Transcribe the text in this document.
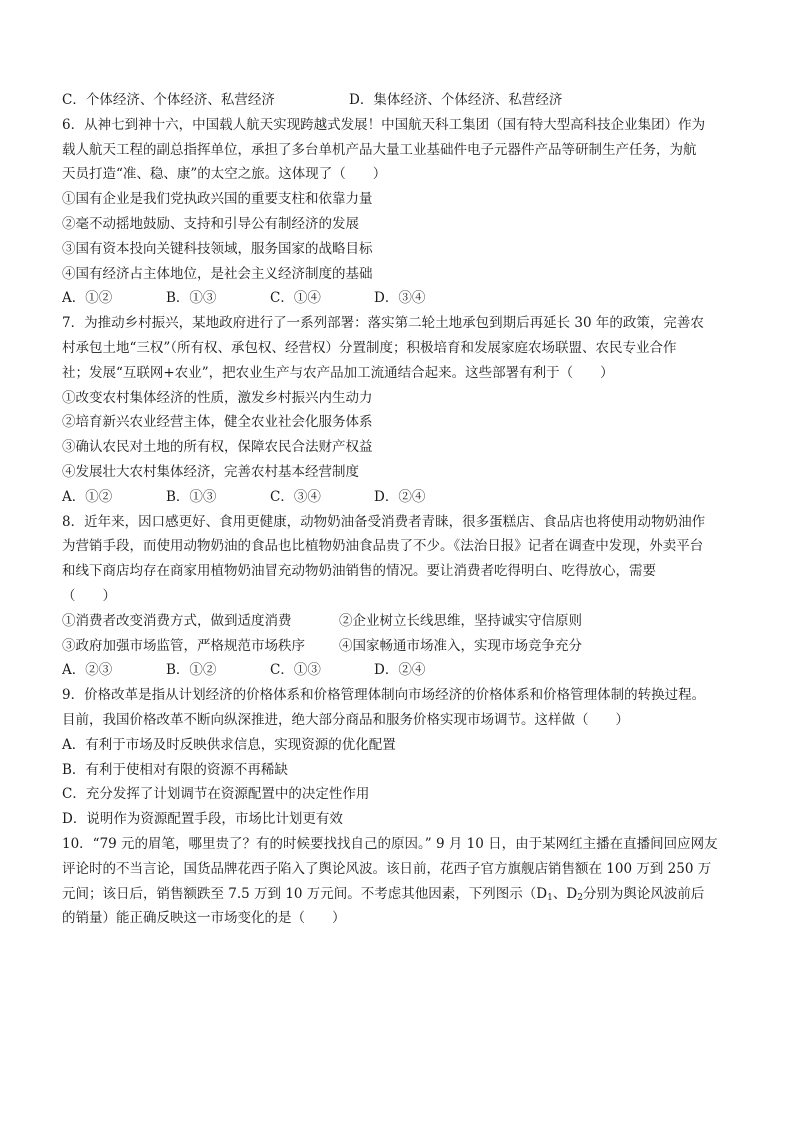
C．个体经济、个体经济、私营经济	D．集体经济、个体经济、私营经济
6．从神七到神十六，中国载人航天实现跨越式发展！中国航天科工集团（国有特大型高科技企业集团）作为
载人航天工程的副总指挥单位，承担了多台单机产品大量工业基础件电子元器件产品等研制生产任务，为航
天员打造“准、稳、康”的太空之旅。这体现了（　　）
①国有企业是我们党执政兴国的重要支柱和依靠力量
②毫不动摇地鼓励、支持和引导公有制经济的发展
③国有资本投向关键科技领域，服务国家的战略目标
④国有经济占主体地位，是社会主义经济制度的基础
A．①②	B．①③	C．①④	D．③④
7．为推动乡村振兴，某地政府进行了一系列部署：落实第二轮土地承包到期后再延长 30 年的政策，完善农
村承包土地“三权”（所有权、承包权、经营权）分置制度；积极培育和发展家庭农场联盟、农民专业合作
社；发展“互联网+农业”，把农业生产与农产品加工流通结合起来。这些部署有利于（　　）
①改变农村集体经济的性质，激发乡村振兴内生动力
②培育新兴农业经营主体，健全农业社会化服务体系
③确认农民对土地的所有权，保障农民合法财产权益
④发展壮大农村集体经济，完善农村基本经营制度
A．①②	B．①③	C．③④	D．②④
8．近年来，因口感更好、食用更健康，动物奶油备受消费者青睐，很多蛋糕店、食品店也将使用动物奶油作
为营销手段，而使用动物奶油的食品也比植物奶油食品贵了不少。《法治日报》记者在调查中发现，外卖平台
和线下商店均存在商家用植物奶油冒充动物奶油销售的情况。要让消费者吃得明白、吃得放心，需要
（　　）
①消费者改变消费方式，做到适度消费	②企业树立长线思维，坚持诚实守信原则
③政府加强市场监管，严格规范市场秩序	④国家畅通市场准入，实现市场竞争充分
A．②③	B．①②	C．①③	D．②④
9．价格改革是指从计划经济的价格体系和价格管理体制向市场经济的价格体系和价格管理体制的转换过程。
目前，我国价格改革不断向纵深推进，绝大部分商品和服务价格实现市场调节。这样做（　　）
A．有利于市场及时反映供求信息，实现资源的优化配置
B．有利于使相对有限的资源不再稀缺
C．充分发挥了计划调节在资源配置中的决定性作用
D．说明作为资源配置手段，市场比计划更有效
10．“79 元的眉笔，哪里贵了？有的时候要找找自己的原因。” 9 月 10 日，由于某网红主播在直播间回应网友
评论时的不当言论，国货品牌花西子陷入了舆论风波。该日前，花西子官方旗舰店销售额在 100 万到 250 万
元间；该日后，销售额跌至 7.5 万到 10 万元间。不考虑其他因素，下列图示（$D_1$、$D_2$分别为舆论风波前后
的销量）能正确反映这一市场变化的是（　　）
